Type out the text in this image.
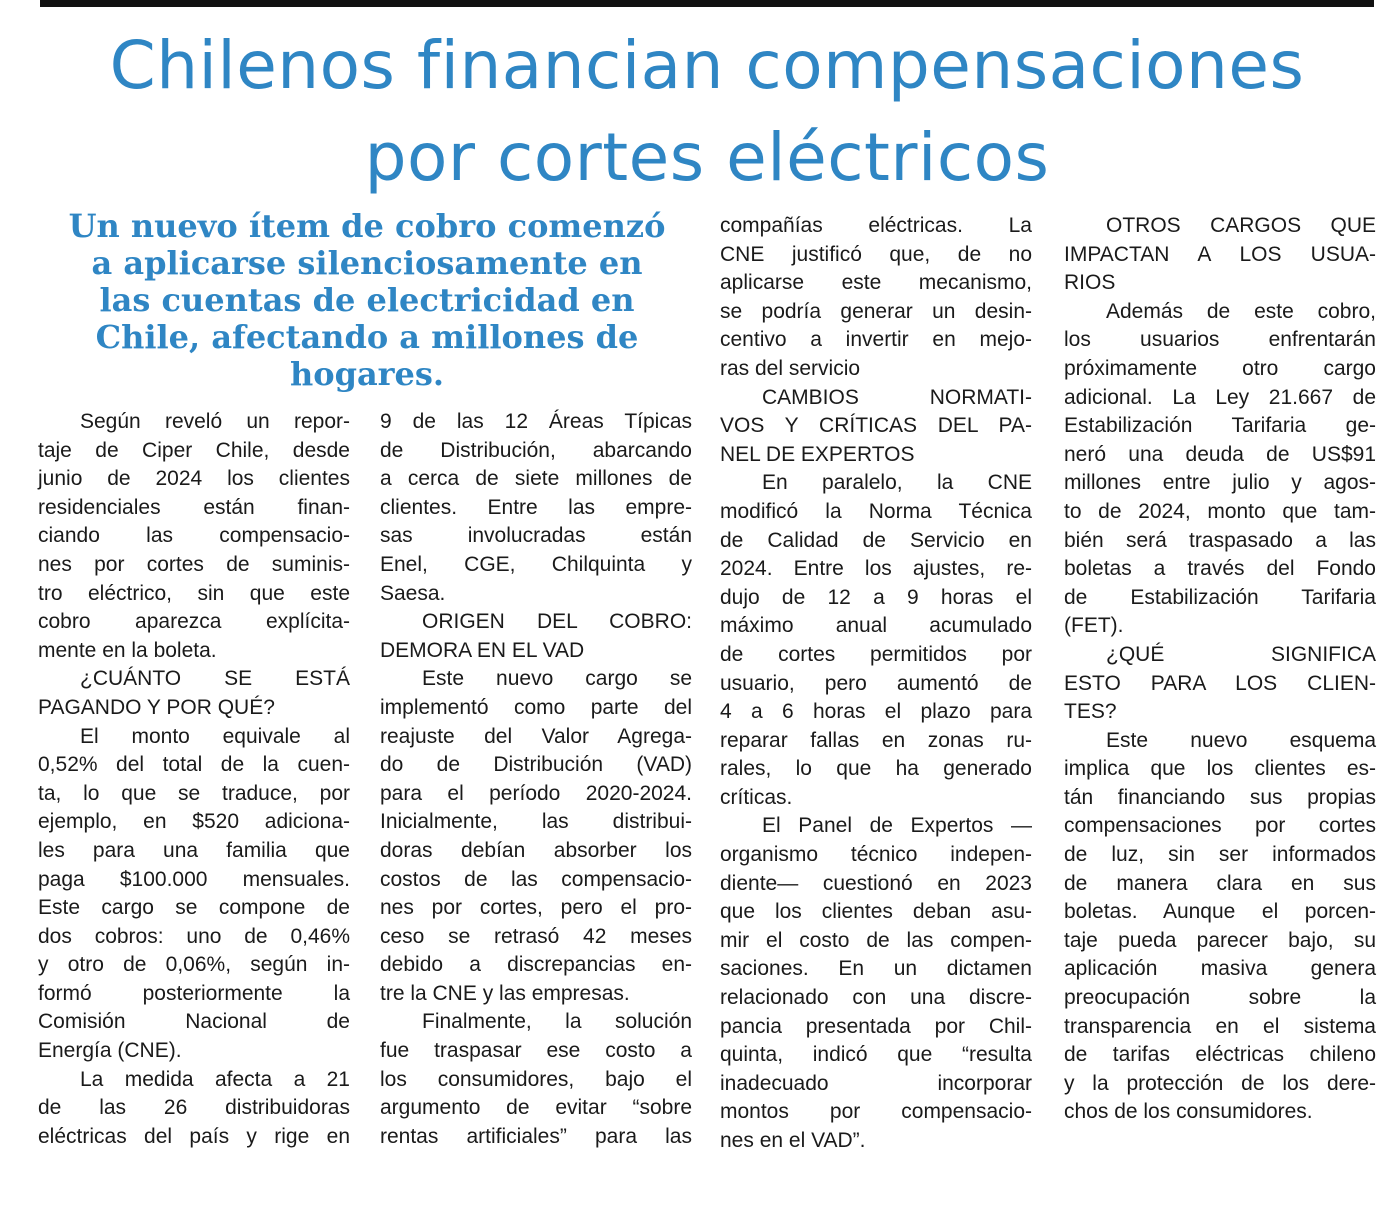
Chilenos financian compensaciones
por cortes eléctricos
Un nuevo ítem de cobro comenzó
a aplicarse silenciosamente en
las cuentas de electricidad en
Chile, afectando a millones de
hogares.
Según reveló un repor-
taje de Ciper Chile, desde
junio de 2024 los clientes
residenciales están finan-
ciando las compensacio-
nes por cortes de suminis-
tro eléctrico, sin que este
cobro aparezca explícita-
mente en la boleta.
¿CUÁNTO SE ESTÁ
PAGANDO Y POR QUÉ?
El monto equivale al
0,52% del total de la cuen-
ta, lo que se traduce, por
ejemplo, en $520 adiciona-
les para una familia que
paga $100.000 mensuales.
Este cargo se compone de
dos cobros: uno de 0,46%
y otro de 0,06%, según in-
formó posteriormente la
Comisión Nacional de
Energía (CNE).
La medida afecta a 21
de las 26 distribuidoras
eléctricas del país y rige en
9 de las 12 Áreas Típicas
de Distribución, abarcando
a cerca de siete millones de
clientes. Entre las empre-
sas involucradas están
Enel, CGE, Chilquinta y
Saesa.
ORIGEN DEL COBRO:
DEMORA EN EL VAD
Este nuevo cargo se
implementó como parte del
reajuste del Valor Agrega-
do de Distribución (VAD)
para el período 2020-2024.
Inicialmente, las distribui-
doras debían absorber los
costos de las compensacio-
nes por cortes, pero el pro-
ceso se retrasó 42 meses
debido a discrepancias en-
tre la CNE y las empresas.
Finalmente, la solución
fue traspasar ese costo a
los consumidores, bajo el
argumento de evitar “sobre
rentas artificiales” para las
compañías eléctricas. La
CNE justificó que, de no
aplicarse este mecanismo,
se podría generar un desin-
centivo a invertir en mejo-
ras del servicio
CAMBIOS NORMATI-
VOS Y CRÍTICAS DEL PA-
NEL DE EXPERTOS
En paralelo, la CNE
modificó la Norma Técnica
de Calidad de Servicio en
2024. Entre los ajustes, re-
dujo de 12 a 9 horas el
máximo anual acumulado
de cortes permitidos por
usuario, pero aumentó de
4 a 6 horas el plazo para
reparar fallas en zonas ru-
rales, lo que ha generado
críticas.
El Panel de Expertos —
organismo técnico indepen-
diente— cuestionó en 2023
que los clientes deban asu-
mir el costo de las compen-
saciones. En un dictamen
relacionado con una discre-
pancia presentada por Chil-
quinta, indicó que “resulta
inadecuado incorporar
montos por compensacio-
nes en el VAD”.
OTROS CARGOS QUE
IMPACTAN A LOS USUA-
RIOS
Además de este cobro,
los usuarios enfrentarán
próximamente otro cargo
adicional. La Ley 21.667 de
Estabilización Tarifaria ge-
neró una deuda de US$91
millones entre julio y agos-
to de 2024, monto que tam-
bién será traspasado a las
boletas a través del Fondo
de Estabilización Tarifaria
(FET).
¿QUÉ SIGNIFICA
ESTO PARA LOS CLIEN-
TES?
Este nuevo esquema
implica que los clientes es-
tán financiando sus propias
compensaciones por cortes
de luz, sin ser informados
de manera clara en sus
boletas. Aunque el porcen-
taje pueda parecer bajo, su
aplicación masiva genera
preocupación sobre la
transparencia en el sistema
de tarifas eléctricas chileno
y la protección de los dere-
chos de los consumidores.
